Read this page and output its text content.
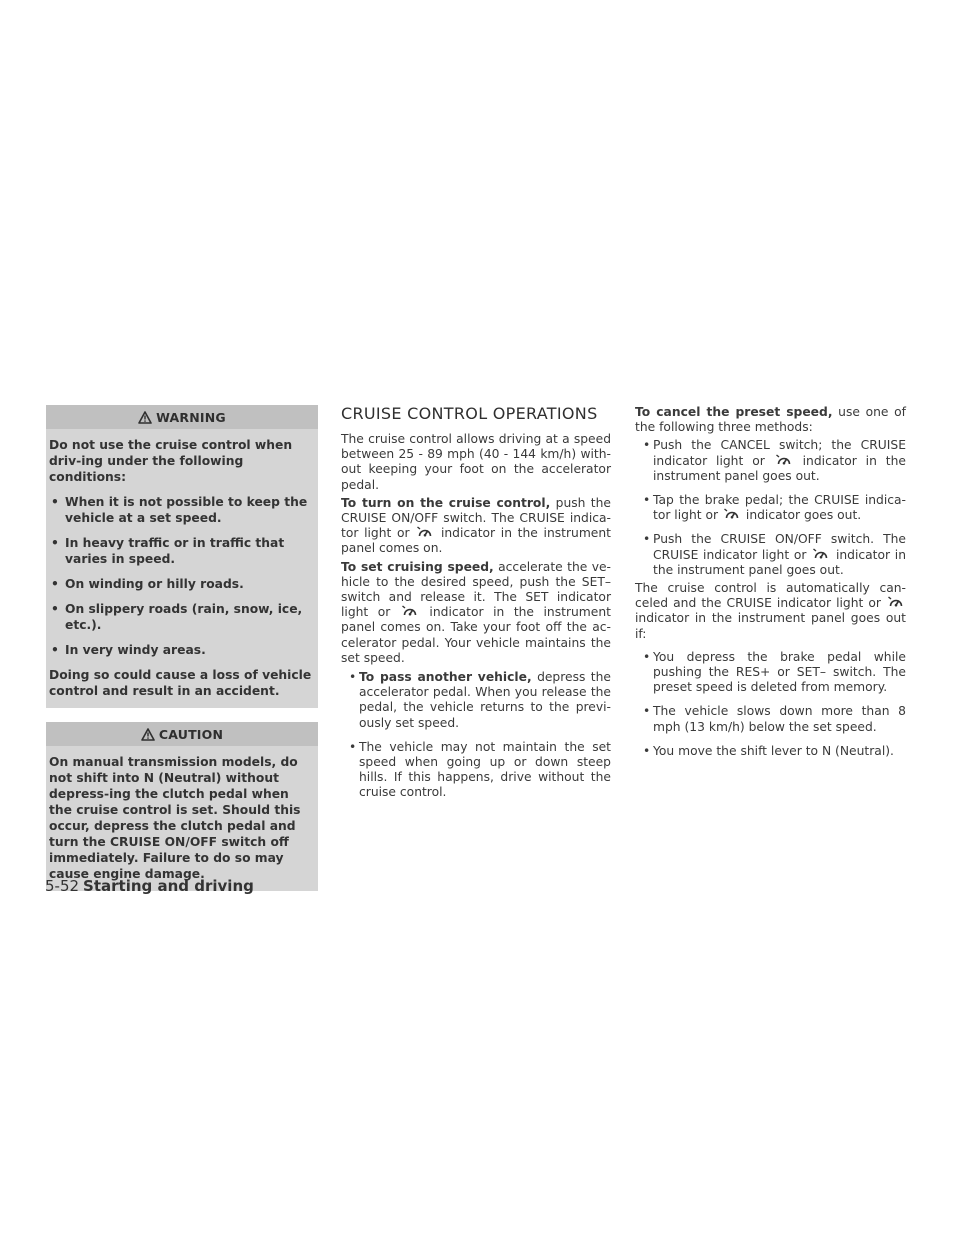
WARNING

Do not use the cruise control when driv-ing under the following conditions:

• When it is not possible to keep the vehicle at a set speed.
• In heavy traffic or in traffic that varies in speed.
• On winding or hilly roads.
• On slippery roads (rain, snow, ice, etc.).
• In very windy areas.

Doing so could cause a loss of vehicle control and result in an accident.

CAUTION

On manual transmission models, do not shift into N (Neutral) without depress-ing the clutch pedal when the cruise control is set. Should this occur, depress the clutch pedal and turn the CRUISE ON/OFF switch off immediately. Failure to do so may cause engine damage.

CRUISE CONTROL OPERATIONS

The cruise control allows driving at a speed between 25 - 89 mph (40 - 144 km/h) with-out keeping your foot on the accelerator pedal.

To turn on the cruise control, push the CRUISE ON/OFF switch. The CRUISE indica-tor light or	indicator in the instrument panel comes on.

To set cruising speed, accelerate the ve-hicle to the desired speed, push the SET– switch and release it. The SET indicator light or	indicator in the instrument panel comes on. Take your foot off the ac-celerator pedal. Your vehicle maintains the set speed.

• To pass another vehicle, depress the accelerator pedal. When you release the pedal, the vehicle returns to the previ-ously set speed.
• The vehicle may not maintain the set speed when going up or down steep hills. If this happens, drive without the cruise control.

To cancel the preset speed, use one of the following three methods:

• Push the CANCEL switch; the CRUISE indicator light or	indicator in the instrument panel goes out.
• Tap the brake pedal; the CRUISE indica-tor light or indicator goes out.
• Push the CRUISE ON/OFF switch. The CRUISE indicator light or indicator in the instrument panel goes out.

The cruise control is automatically can-celed and the CRUISE indicator light or  indicator in the instrument panel goes out if:

• You depress the brake pedal while pushing the RES+ or SET– switch. The preset speed is deleted from memory.
• The vehicle slows down more than 8 mph (13 km/h) below the set speed.
• You move the shift lever to N (Neutral).
5-52 Starting and driving
